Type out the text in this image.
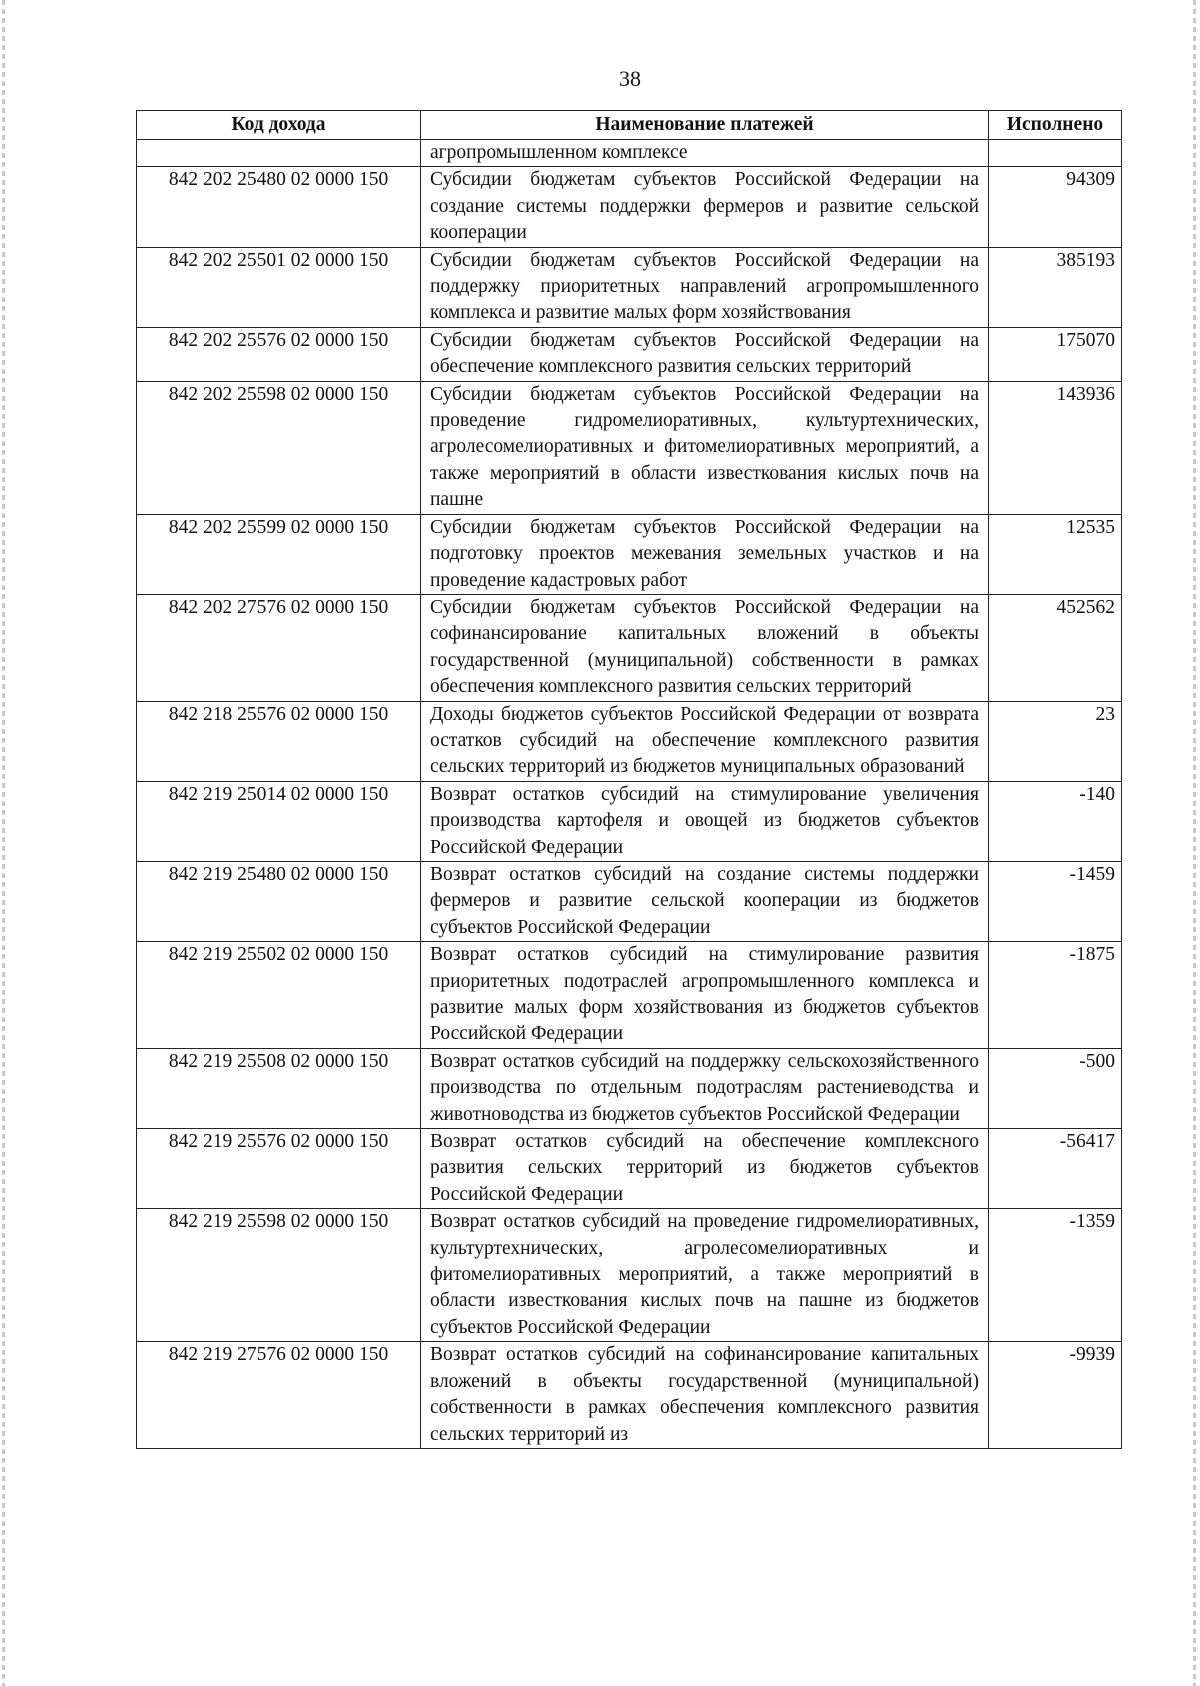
38
Код дохода	Наименование платежей	Исполнено
	агропромышленном комплексе	
842 202 25480 02 0000 150	Субсидии бюджетам субъектов Российской Федерации на создание системы поддержки фермеров и развитие сельской кооперации	94309
842 202 25501 02 0000 150	Субсидии бюджетам субъектов Российской Федерации на поддержку приоритетных направлений агропромышленного комплекса и развитие малых форм хозяйствования	385193
842 202 25576 02 0000 150	Субсидии бюджетам субъектов Российской Федерации на обеспечение комплексного развития сельских территорий	175070
842 202 25598 02 0000 150	Субсидии бюджетам субъектов Российской Федерации на проведение гидромелиоративных, культуртехнических, агролесомелиоративных и фитомелиоративных мероприятий, а также мероприятий в области известкования кислых почв на пашне	143936
842 202 25599 02 0000 150	Субсидии бюджетам субъектов Российской Федерации на подготовку проектов межевания земельных участков и на проведение кадастровых работ	12535
842 202 27576 02 0000 150	Субсидии бюджетам субъектов Российской Федерации на софинансирование капитальных вложений в объекты государственной (муниципальной) собственности в рамках обеспечения комплексного развития сельских территорий	452562
842 218 25576 02 0000 150	Доходы бюджетов субъектов Российской Федерации от возврата остатков субсидий на обеспечение комплексного развития сельских территорий из бюджетов муниципальных образований	23
842 219 25014 02 0000 150	Возврат остатков субсидий на стимулирование увеличения производства картофеля и овощей из бюджетов субъектов Российской Федерации	-140
842 219 25480 02 0000 150	Возврат остатков субсидий на создание системы поддержки фермеров и развитие сельской кооперации из бюджетов субъектов Российской Федерации	-1459
842 219 25502 02 0000 150	Возврат остатков субсидий на стимулирование развития приоритетных подотраслей агропромышленного комплекса и развитие малых форм хозяйствования из бюджетов субъектов Российской Федерации	-1875
842 219 25508 02 0000 150	Возврат остатков субсидий на поддержку сельскохозяйственного производства по отдельным подотраслям растениеводства и животноводства из бюджетов субъектов Российской Федерации	-500
842 219 25576 02 0000 150	Возврат остатков субсидий на обеспечение комплексного развития сельских территорий из бюджетов субъектов Российской Федерации	-56417
842 219 25598 02 0000 150	Возврат остатков субсидий на проведение гидромелиоративных, культуртехнических, агролесомелиоративных и фитомелиоративных мероприятий, а также мероприятий в области известкования кислых почв на пашне из бюджетов субъектов Российской Федерации	-1359
842 219 27576 02 0000 150	Возврат остатков субсидий на софинансирование капитальных вложений в объекты государственной (муниципальной) собственности в рамках обеспечения комплексного развития сельских территорий из	-9939
